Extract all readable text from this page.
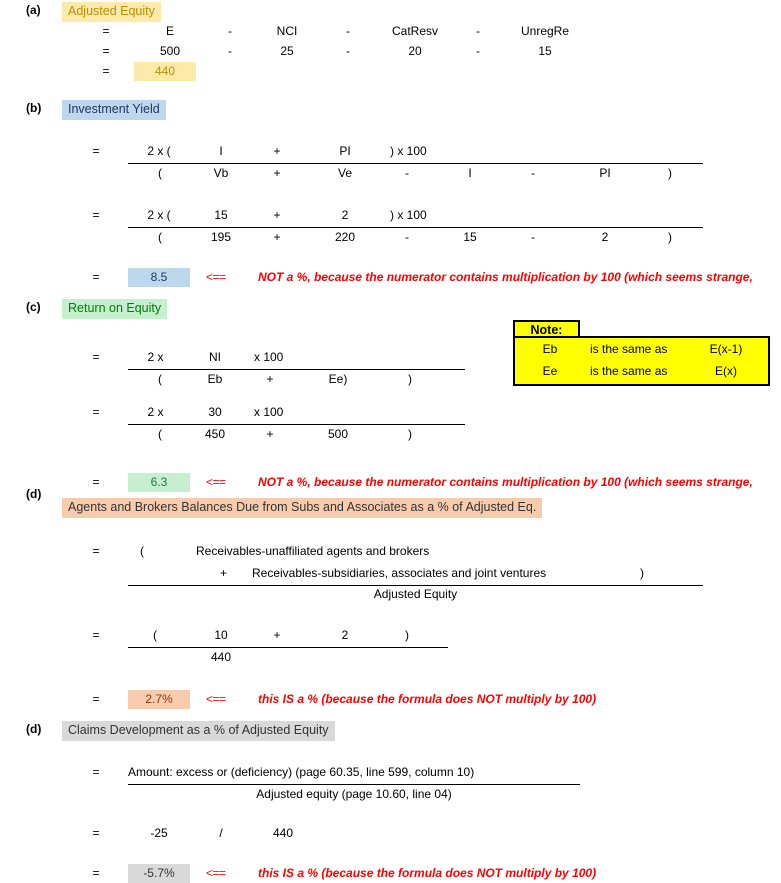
(a)	Adjusted Equity
=	E	-	NCI	-	CatResv	-	UnregRe
=	500	-	25	-	20	-	15
=	440
(b)	Investment Yield
=	2 x (	I	+	PI	) x 100
(	Vb	+	Ve	-	I	-	PI	)
=	2 x (	15	+	2	) x 100
(	195	+	220	-	15	-	2	)
=	8.5	<==	NOT a %, because the numerator contains multiplication by 100 (which seems strange,
(c)	Return on Equity
Note:
Eb	is the same as	E(x-1)
Ee	is the same as	E(x)
=	2 x	NI	x 100
(	Eb	+	Ee)	)
=	2 x	30	x 100
(	450	+	500	)
=	6.3	<==	NOT a %, because the numerator contains multiplication by 100 (which seems strange,
(d)
Agents and Brokers Balances Due from Subs and Associates as a % of Adjusted Eq.
=	(	Receivables-unaffiliated agents and brokers
+ Receivables-subsidiaries, associates and joint ventures	)
Adjusted Equity
=	(	10	+	2	)
440
=	2.7%	<==	this IS a % (because the formula does NOT multiply by 100)
(d)	Claims Development as a % of Adjusted Equity
=	Amount: excess or (deficiency) (page 60.35, line 599, column 10)
Adjusted equity (page 10.60, line 04)
=	-25	/	440
=	-5.7%	<==	this IS a % (because the formula does NOT multiply by 100)
